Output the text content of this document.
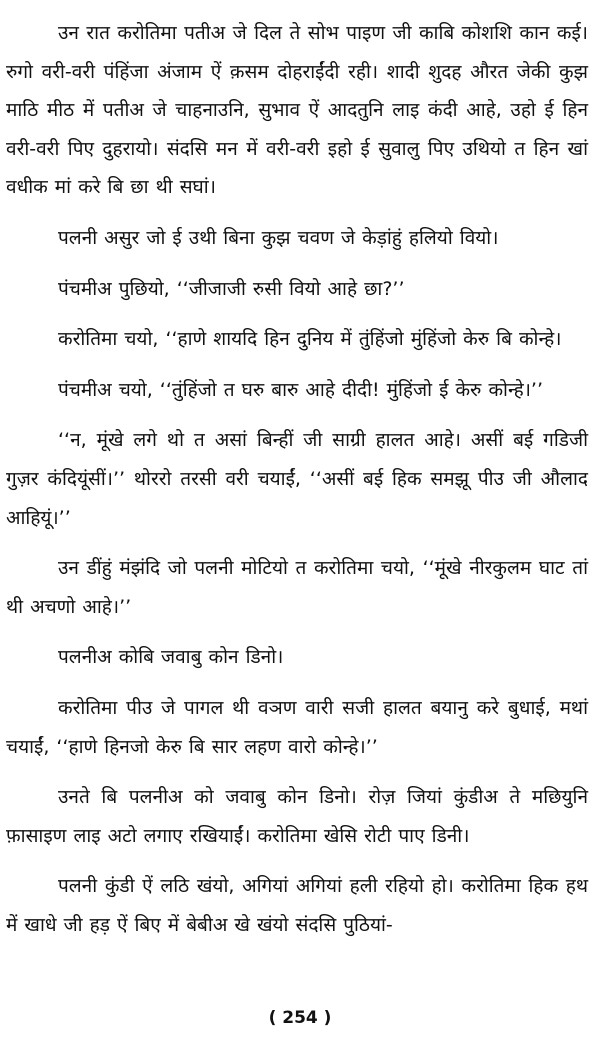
उन रात करोतिमा पतीअ जे दिल ते सोभ पाइण जी काबि कोशशि कान कई। रुगो वरी-वरी पंहिंजा अंजाम ऐं क़सम दोहराईंदी रही। शादी शुदह औरत जेकी कुझ माठि मीठ में पतीअ जे चाहनाउनि, सुभाव ऐं आदतुनि लाइ कंदी आहे, उहो ई हिन वरी-वरी पिए दुहरायो। संदसि मन में वरी-वरी इहो ई सुवालु पिए उथियो त हिन खां वधीक मां करे बि छा थी सघां।

पलनी असुर जो ई उथी बिना कुझ चवण जे केड़ांहुं हलियो वियो।

पंचमीअ पुछियो, ‘‘जीजाजी रुसी वियो आहे छा?’’

करोतिमा चयो, ‘‘हाणे शायदि हिन दुनिय में तुंहिंजो मुंहिंजो केरु बि कोन्हे।

पंचमीअ चयो, ‘‘तुंहिंजो त घरु बारु आहे दीदी! मुंहिंजो ई केरु कोन्हे।’’

‘‘न, मूंखे लगे थो त असां बिन्हीं जी साग्री हालत आहे। असीं बई गडिजी गुज़र कंदियूंसीं।’’ थोररो तरसी वरी चयाईं, ‘‘असीं बई हिक समझू पीउ जी औलाद आहियूं।’’

उन डींहुं मंझंदि जो पलनी मोटियो त करोतिमा चयो, ‘‘मूंखे नीरकुलम घाट तां थी अचणो आहे।’’

पलनीअ कोबि जवाबु कोन डिनो।

करोतिमा पीउ जे पागल थी वञण वारी सजी हालत बयानु करे बुधाई, मथां चयाईं, ‘‘हाणे हिनजो केरु बि सार लहण वारो कोन्हे।’’

उनते बि पलनीअ को जवाबु कोन डिनो। रोज़ जियां कुंडीअ ते मछियुनि फ़ासाइण लाइ अटो लगाए रखियाईं। करोतिमा खेसि रोटी पाए डिनी।

पलनी कुंडी ऐं लठि खंयो, अगियां अगियां हली रहियो हो। करोतिमा हिक हथ में खाधे जी हड़ ऐं बिए में बेबीअ खे खंयो संदसि पुठियां-

( 254 )
